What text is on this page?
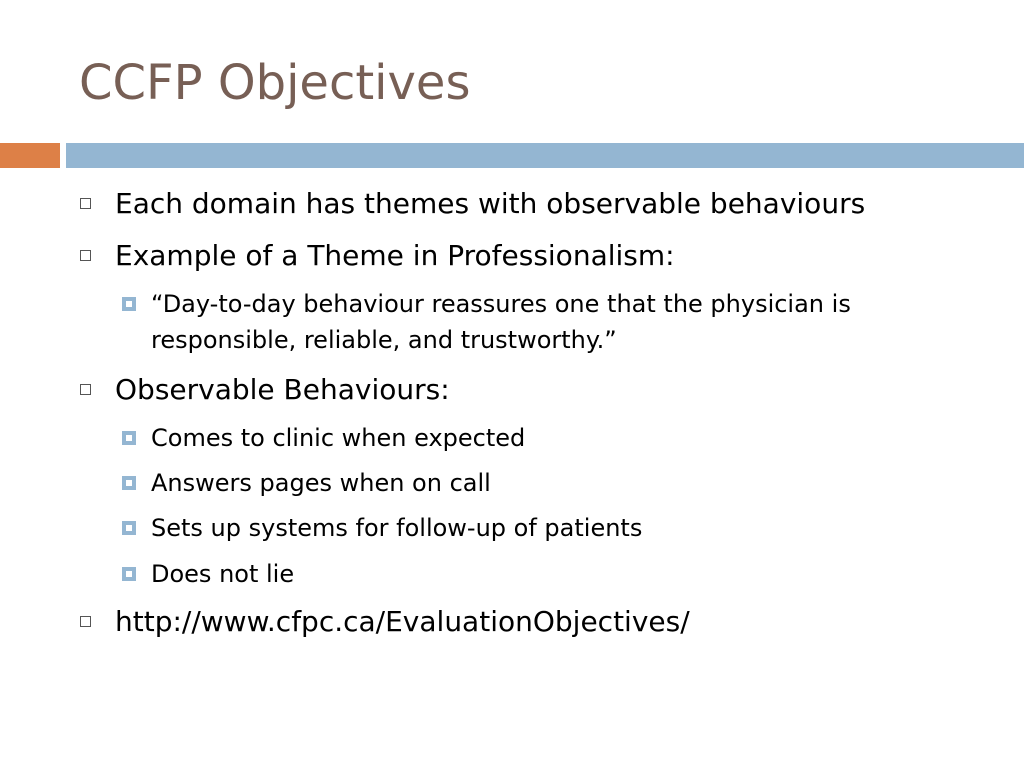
CCFP Objectives
Each domain has themes with observable behaviours
Example of a Theme in Professionalism:
“Day-to-day behaviour reassures one that the physician is responsible, reliable, and trustworthy.”
Observable Behaviours:
Comes to clinic when expected
Answers pages when on call
Sets up systems for follow-up of patients
Does not lie
http://www.cfpc.ca/EvaluationObjectives/
